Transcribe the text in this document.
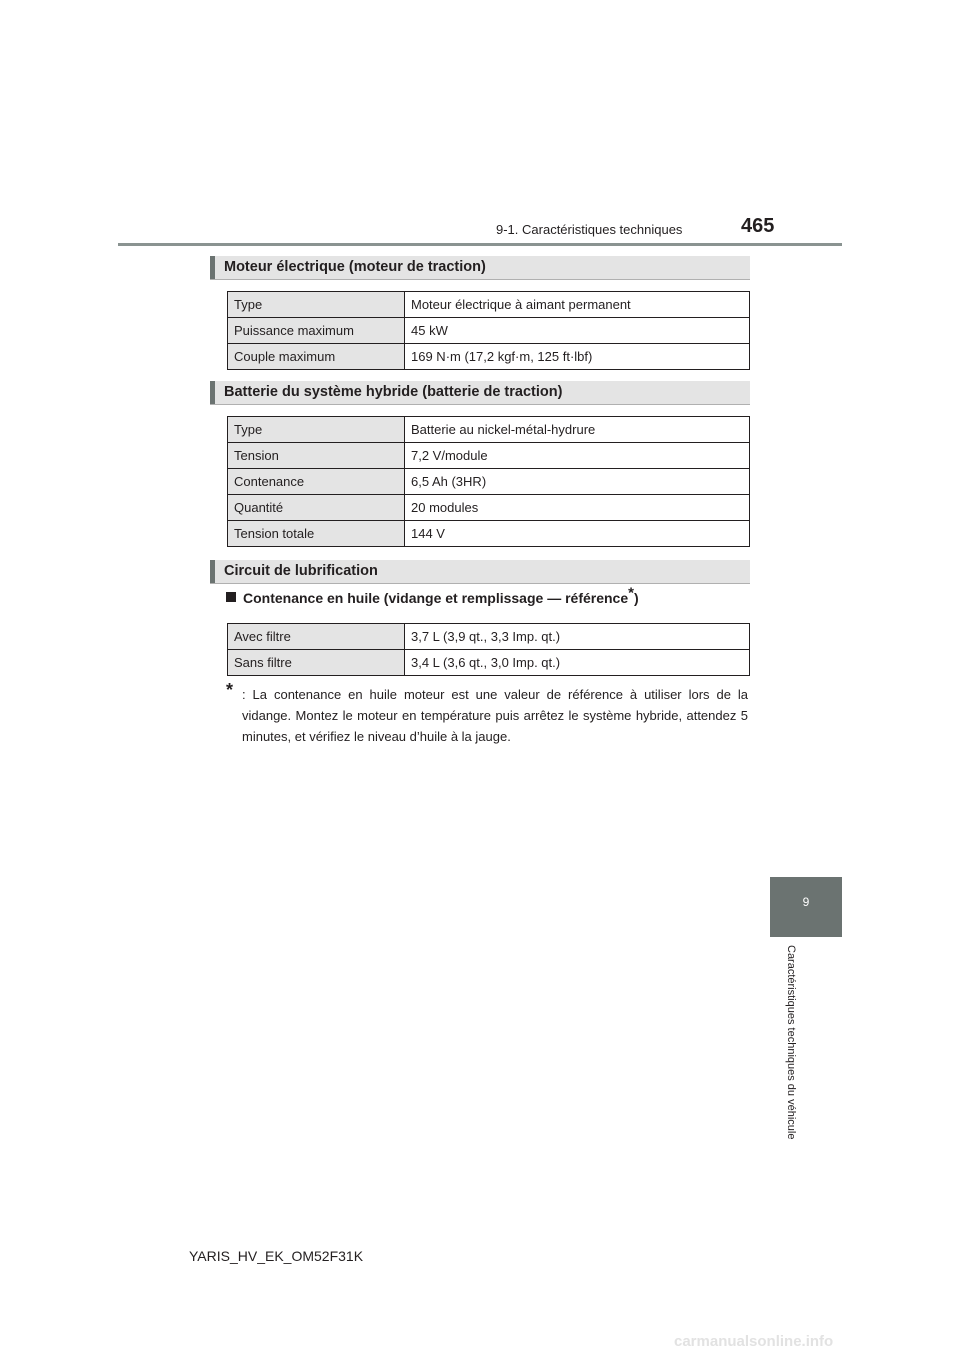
9-1. Caractéristiques techniques	465
Moteur électrique (moteur de traction)
Type	Moteur électrique à aimant permanent
Puissance maximum	45 kW
Couple maximum	169 N·m (17,2 kgf·m, 125 ft·lbf)
Batterie du système hybride (batterie de traction)
Type	Batterie au nickel-métal-hydrure
Tension	7,2 V/module
Contenance	6,5 Ah (3HR)
Quantité	20 modules
Tension totale	144 V
Circuit de lubrification
Contenance en huile (vidange et remplissage — référence*)
Avec filtre	3,7 L (3,9 qt., 3,3 Imp. qt.)
Sans filtre	3,4 L (3,6 qt., 3,0 Imp. qt.)
* : La contenance en huile moteur est une valeur de référence à utiliser lors de la vidange. Montez le moteur en température puis arrêtez le système hybride, attendez 5 minutes, et vérifiez le niveau d’huile à la jauge.
9
Caractéristiques techniques du véhicule
YARIS_HV_EK_OM52F31K
carmanualsonline.info
